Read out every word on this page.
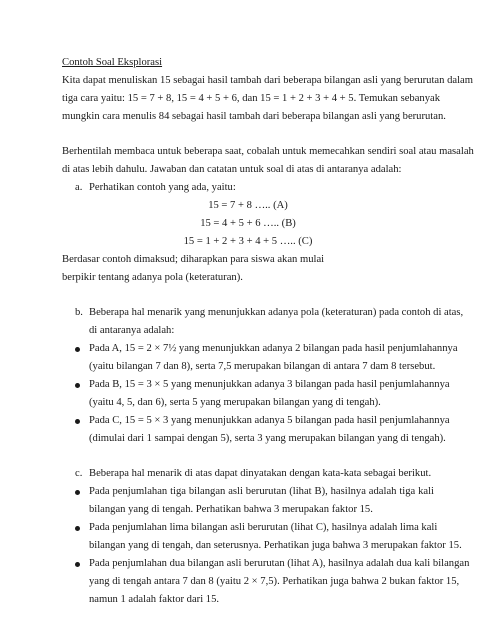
Contoh Soal Eksplorasi
Kita dapat menuliskan 15 sebagai hasil tambah dari beberapa bilangan asli yang berurutan dalam
tiga cara yaitu: 15 = 7 + 8, 15 = 4 + 5 + 6, dan 15 = 1 + 2 + 3 + 4 + 5. Temukan sebanyak
mungkin cara menulis 84 sebagai hasil tambah dari beberapa bilangan asli yang berurutan.
Berhentilah membaca untuk beberapa saat, cobalah untuk memecahkan sendiri soal atau masalah
di atas lebih dahulu. Jawaban dan catatan untuk soal di atas di antaranya adalah:
a. Perhatikan contoh yang ada, yaitu:
15 = 7 + 8 ….. (A)
15 = 4 + 5 + 6 ….. (B)
15 = 1 + 2 + 3 + 4 + 5 ….. (C)
Berdasar contoh dimaksud; diharapkan para siswa akan mulai
berpikir tentang adanya pola (keteraturan).
b. Beberapa hal menarik yang menunjukkan adanya pola (keteraturan) pada contoh di atas,
di antaranya adalah:
Pada A, 15 = 2 × 7½ yang menunjukkan adanya 2 bilangan pada hasil penjumlahannya
(yaitu bilangan 7 dan 8), serta 7,5 merupakan bilangan di antara 7 dam 8 tersebut.
Pada B, 15 = 3 × 5 yang menunjukkan adanya 3 bilangan pada hasil penjumlahannya
(yaitu 4, 5, dan 6), serta 5 yang merupakan bilangan yang di tengah).
Pada C, 15 = 5 × 3 yang menunjukkan adanya 5 bilangan pada hasil penjumlahannya
(dimulai dari 1 sampai dengan 5), serta 3 yang merupakan bilangan yang di tengah).
c. Beberapa hal menarik di atas dapat dinyatakan dengan kata-kata sebagai berikut.
Pada penjumlahan tiga bilangan asli berurutan (lihat B), hasilnya adalah tiga kali
bilangan yang di tengah. Perhatikan bahwa 3 merupakan faktor 15.
Pada penjumlahan lima bilangan asli berurutan (lihat C), hasilnya adalah lima kali
bilangan yang di tengah, dan seterusnya. Perhatikan juga bahwa 3 merupakan faktor 15.
Pada penjumlahan dua bilangan asli berurutan (lihat A), hasilnya adalah dua kali bilangan
yang di tengah antara 7 dan 8 (yaitu 2 × 7,5). Perhatikan juga bahwa 2 bukan faktor 15,
namun 1 adalah faktor dari 15.
